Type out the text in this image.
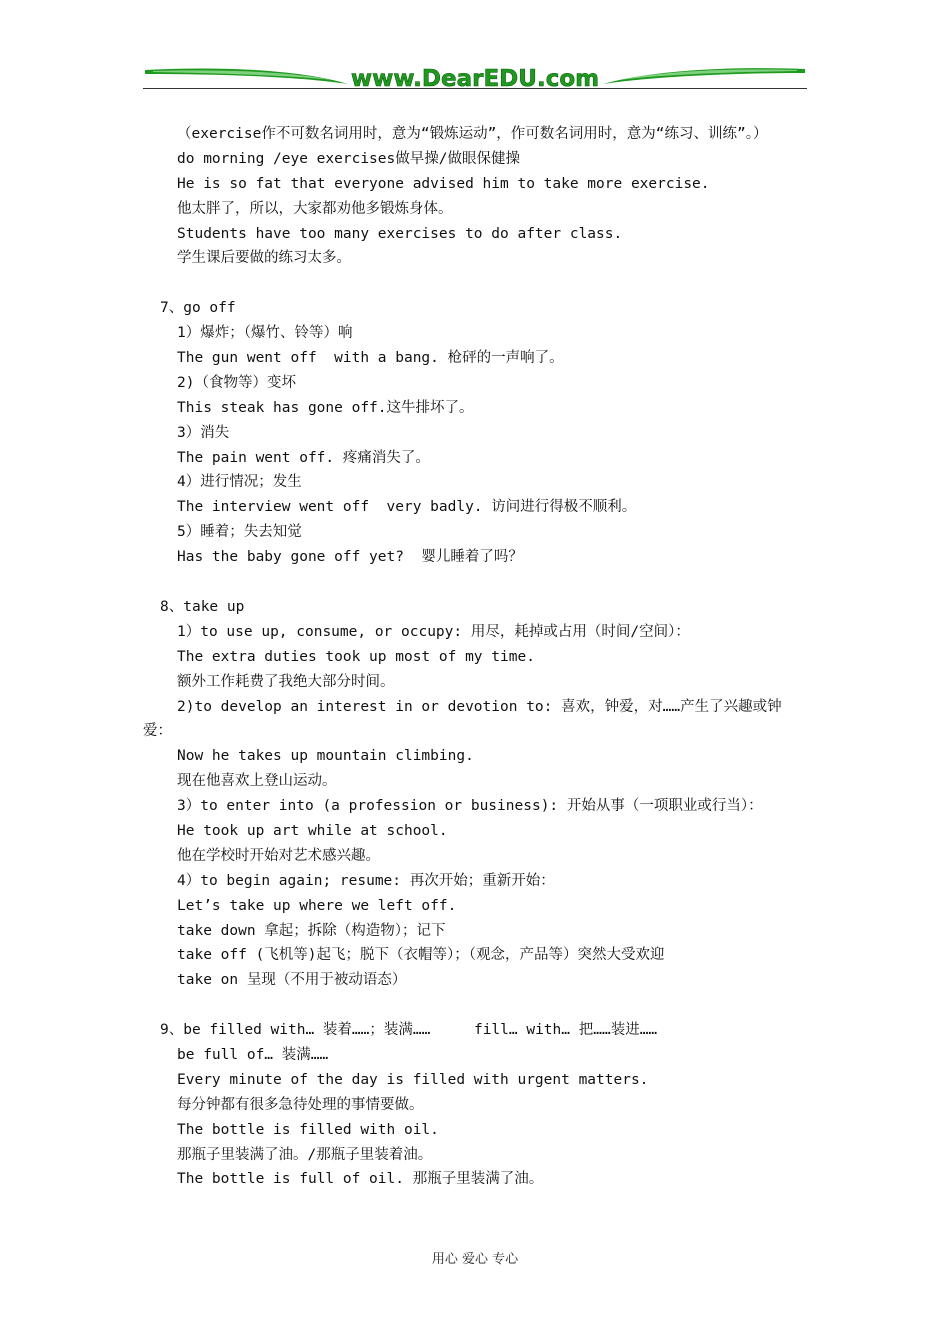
www.DearEDU.com
（exercise作不可数名词用时，意为“锻炼运动”，作可数名词用时，意为“练习、训练”。）
do morning /eye exercises做早操/做眼保健操
He is so fat that everyone advised him to take more exercise.
他太胖了，所以，大家都劝他多锻炼身体。
Students have too many exercises to do after class.
学生课后要做的练习太多。
7、go off
1）爆炸；（爆竹、铃等）响
The gun went off  with a bang. 枪砰的一声响了。
2)（食物等）变坏
This steak has gone off.这牛排坏了。
3）消失
The pain went off. 疼痛消失了。
4）进行情况；发生
The interview went off  very badly. 访问进行得极不顺利。
5）睡着；失去知觉
Has the baby gone off yet?  婴儿睡着了吗？
8、take up
1）to use up, consume, or occupy: 用尽，耗掉或占用（时间/空间）：
The extra duties took up most of my time.
额外工作耗费了我绝大部分时间。
2)to develop an interest in or devotion to: 喜欢，钟爱，对……产生了兴趣或钟爱：
Now he takes up mountain climbing.
现在他喜欢上登山运动。
3）to enter into (a profession or business): 开始从事（一项职业或行当）：
He took up art while at school.
他在学校时开始对艺术感兴趣。
4）to begin again; resume: 再次开始；重新开始：
Let’s take up where we left off.
take down 拿起；拆除（构造物）；记下
take off (飞机等)起飞；脱下（衣帽等）；（观念，产品等）突然大受欢迎
take on 呈现（不用于被动语态）
9、be filled with… 装着……；装满……     fill… with… 把……装进……
be full of… 装满……
Every minute of the day is filled with urgent matters.
每分钟都有很多急待处理的事情要做。
The bottle is filled with oil.
那瓶子里装满了油。/那瓶子里装着油。
The bottle is full of oil. 那瓶子里装满了油。
用心 爱心 专心
